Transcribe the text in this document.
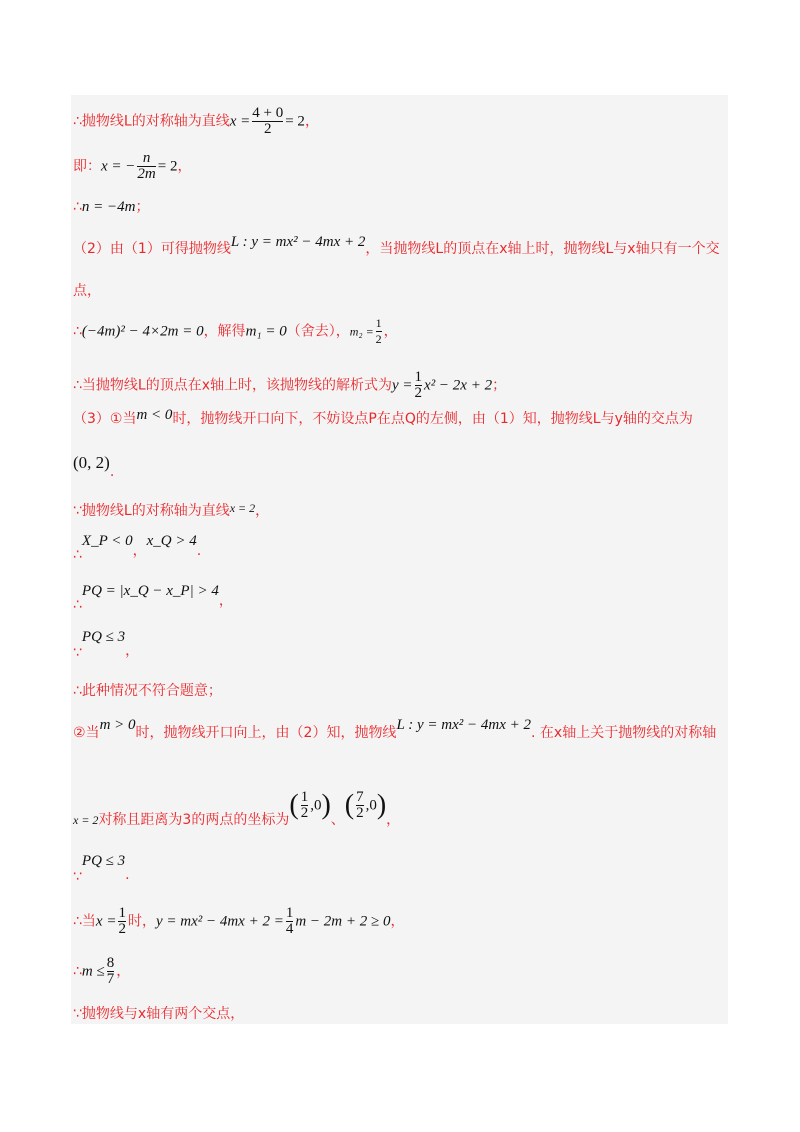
∴抛物线L的对称轴为直线$x = \frac{4 + 0}{2} = 2$，
即：x = − $\frac{n}{2m} = 2$，
∴n = −4m；
（2）由（1）可得抛物线L : y = mx² − 4mx + 2，当抛物线L的顶点在x轴上时，抛物线L与x轴只有一个交
点，
∴(−4m)² − 4×2m = 0，解得m₁ = 0（舍去），$m_2 = \frac{1}{2}$ ，
∴当抛物线L的顶点在x轴上时，该抛物线的解析式为$y = \frac{1}{2} x^2 - 2x + 2$；
（3）①当m < 0时，抛物线开口向下，不妨设点P在点Q的左侧，由（1）知，抛物线L与y轴的交点为
(0, 2).
∵抛物线L的对称轴为直线x = 2，
∴X_P < 0，x_Q > 4.
∴PQ = |x_Q − x_P| > 4，
∵PQ ≤ 3，
∴此种情况不符合题意；
②当m > 0时，抛物线开口向上，由（2）知，抛物线L : y = mx² − 4mx + 2. 在x轴上关于抛物线的对称轴
x = 2对称且距离为3的两点的坐标为( $\frac{1}{2} ,0$)、( $\frac{7}{2} ,0$)，
∵PQ ≤ 3.
∴当$x = \frac{1}{2}$ 时，$y = mx^2 - 4mx + 2 = \frac{1}{4}$ m − 2m + 2 ≥ 0，
∴m ≤ $\frac{8}{7}$ ，
∵抛物线与x轴有两个交点，
